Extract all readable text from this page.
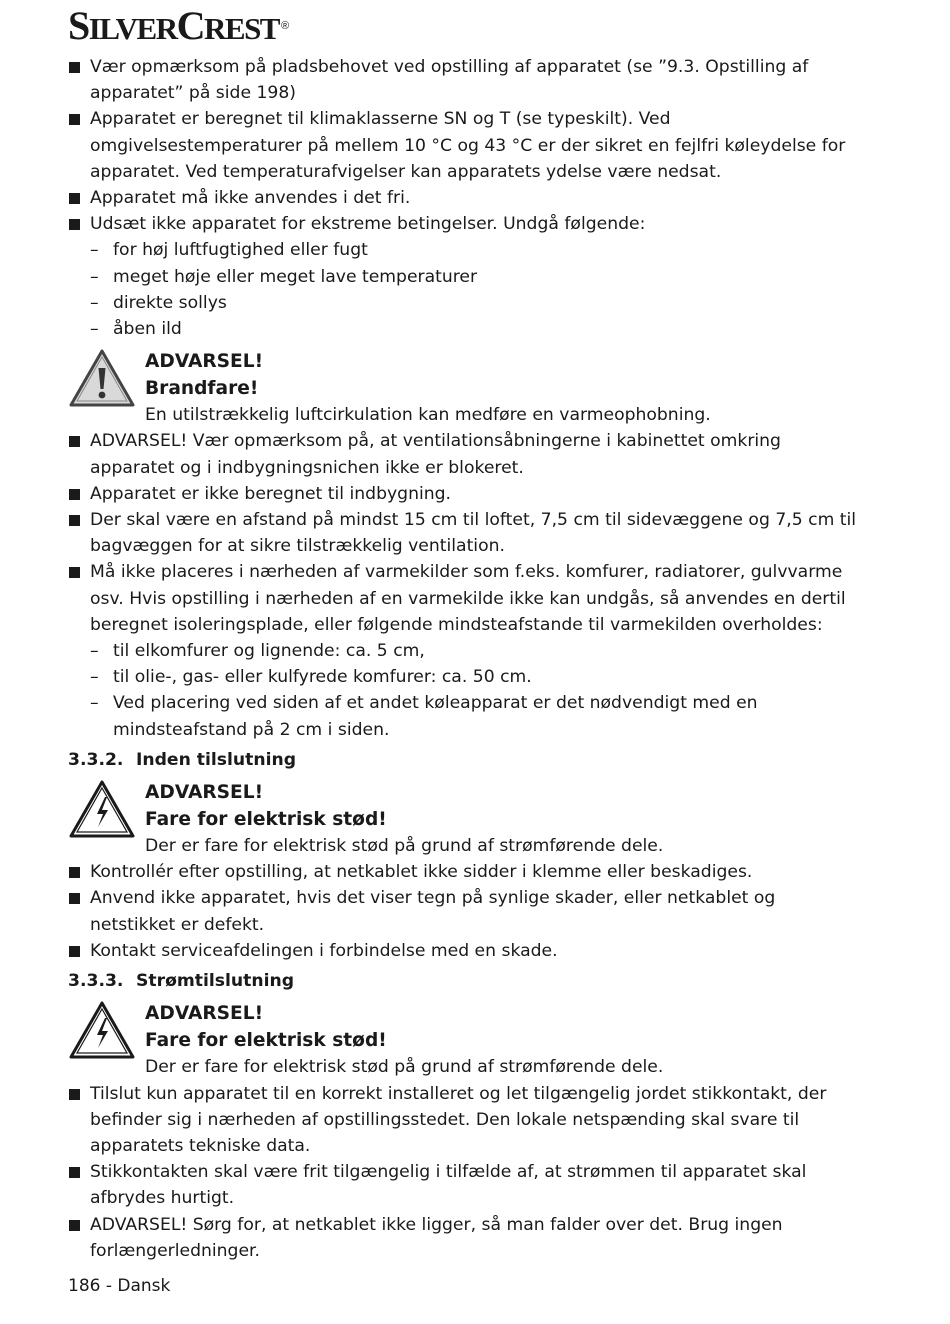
SILVERCREST ®
Vær opmærksom på pladsbehovet ved opstilling af apparatet (se ”9.3. Opstilling af apparatet” på side 198)
Apparatet er beregnet til klimaklasserne SN og T (se typeskilt). Ved omgivelsestemperaturer på mellem 10 °C og 43 °C er der sikret en fejlfri køleydelse for apparatet. Ved temperaturafvigelser kan apparatets ydelse være nedsat.
Apparatet må ikke anvendes i det fri.
Udsæt ikke apparatet for ekstreme betingelser. Undgå følgende:
– for høj luftfugtighed eller fugt
– meget høje eller meget lave temperaturer
– direkte sollys
– åben ild
ADVARSEL!
Brandfare!
En utilstrækkelig luftcirkulation kan medføre en varmeophobning.
ADVARSEL! Vær opmærksom på, at ventilationsåbningerne i kabinettet omkring apparatet og i indbygningsnichen ikke er blokeret.
Apparatet er ikke beregnet til indbygning.
Der skal være en afstand på mindst 15 cm til loftet, 7,5 cm til sidevæggene og 7,5 cm til bagvæggen for at sikre tilstrækkelig ventilation.
Må ikke placeres i nærheden af varmekilder som f.eks. komfurer, radiatorer, gulvvarme osv. Hvis opstilling i nærheden af en varmekilde ikke kan undgås, så anvendes en dertil beregnet isoleringsplade, eller følgende mindsteafstande til varmekilden overholdes:
– til elkomfurer og lignende: ca. 5 cm,
– til olie-, gas- eller kulfyrede komfurer: ca. 50 cm.
– Ved placering ved siden af et andet køleapparat er det nødvendigt med en mindsteafstand på 2 cm i siden.
3.3.2. Inden tilslutning
ADVARSEL!
Fare for elektrisk stød!
Der er fare for elektrisk stød på grund af strømførende dele.
Kontrollér efter opstilling, at netkablet ikke sidder i klemme eller beskadiges.
Anvend ikke apparatet, hvis det viser tegn på synlige skader, eller netkablet og netstikket er defekt.
Kontakt serviceafdelingen i forbindelse med en skade.
3.3.3. Strømtilslutning
ADVARSEL!
Fare for elektrisk stød!
Der er fare for elektrisk stød på grund af strømførende dele.
Tilslut kun apparatet til en korrekt installeret og let tilgængelig jordet stikkontakt, der befinder sig i nærheden af opstillingsstedet. Den lokale netspænding skal svare til apparatets tekniske data.
Stikkontakten skal være frit tilgængelig i tilfælde af, at strømmen til apparatet skal afbrydes hurtigt.
ADVARSEL! Sørg for, at netkablet ikke ligger, så man falder over det. Brug ingen forlængerledninger.
186 - Dansk
